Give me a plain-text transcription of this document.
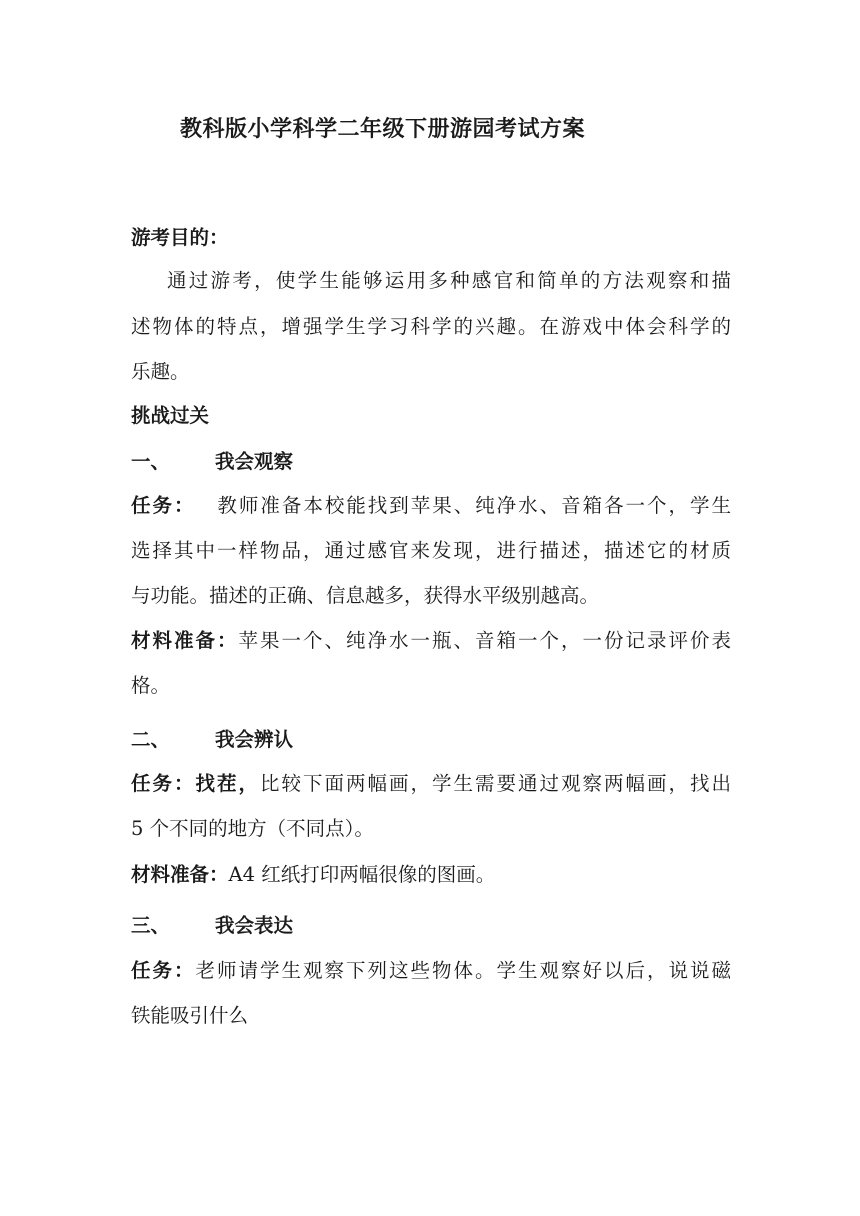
教科版小学科学二年级下册游园考试方案
游考目的：
通过游考，使学生能够运用多种感官和简单的方法观察和描
述物体的特点，增强学生学习科学的兴趣。在游戏中体会科学的
乐趣。
挑战过关
一、 我会观察
任务： 教师准备本校能找到苹果、纯净水、音箱各一个，学生
选择其中一样物品，通过感官来发现，进行描述，描述它的材质
与功能。描述的正确、信息越多，获得水平级别越高。
材料准备：苹果一个、纯净水一瓶、音箱一个，一份记录评价表
格。
二、 我会辨认
任务：找茬，比较下面两幅画，学生需要通过观察两幅画，找出
5 个不同的地方（不同点）。
材料准备：A4 红纸打印两幅很像的图画。
三、 我会表达
任务：老师请学生观察下列这些物体。学生观察好以后，说说磁
铁能吸引什么
